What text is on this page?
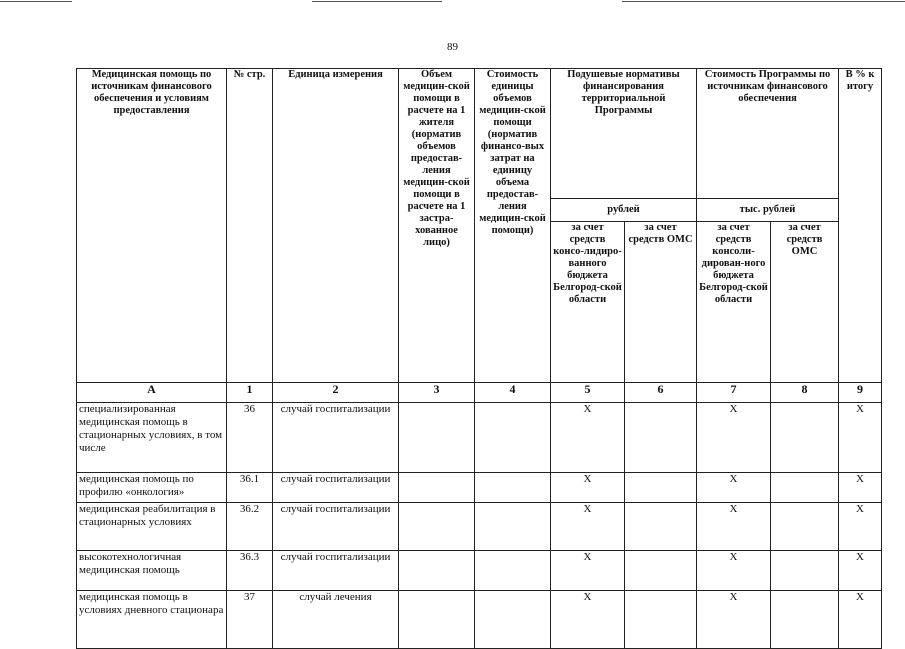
89
Медицинская помощь по источникам финансового обеспечения и условиям предоставления	№ стр.	Единица измерения	Объем медицин-ской помощи в расчете на 1 жителя (норматив объемов предостав-ления медицин-ской помощи в расчете на 1 застра-хованное лицо)	Стоимость единицы объемов медицин-ской помощи (норматив финансо-вых затрат на единицу объема предостав-ления медицин-ской помощи)	Подушевые нормативы финансирования территориальной Программы		Стоимость Программы по источникам финансового обеспечения		В % к итогу
					рублей		тыс. рублей		
					за счет средств консо-лидиро-ванного бюджета Белгород-ской области	за счет средств ОМС	за счет средств консоли-дирован-ного бюджета Белгород-ской области	за счет средств ОМС	
А	1	2	3	4	5	6	7	8	9
специализированная медицинская помощь в стационарных условиях, в том числе	36	случай госпитализации			X		X		X
медицинская помощь по профилю «онкология»	36.1	случай госпитализации			X		X		X
медицинская реабилитация в стационарных условиях	36.2	случай госпитализации			X		X		X
высокотехнологичная медицинская помощь	36.3	случай госпитализации			X		X		X
медицинская помощь в условиях дневного стационара	37	случай лечения			X		X		X
